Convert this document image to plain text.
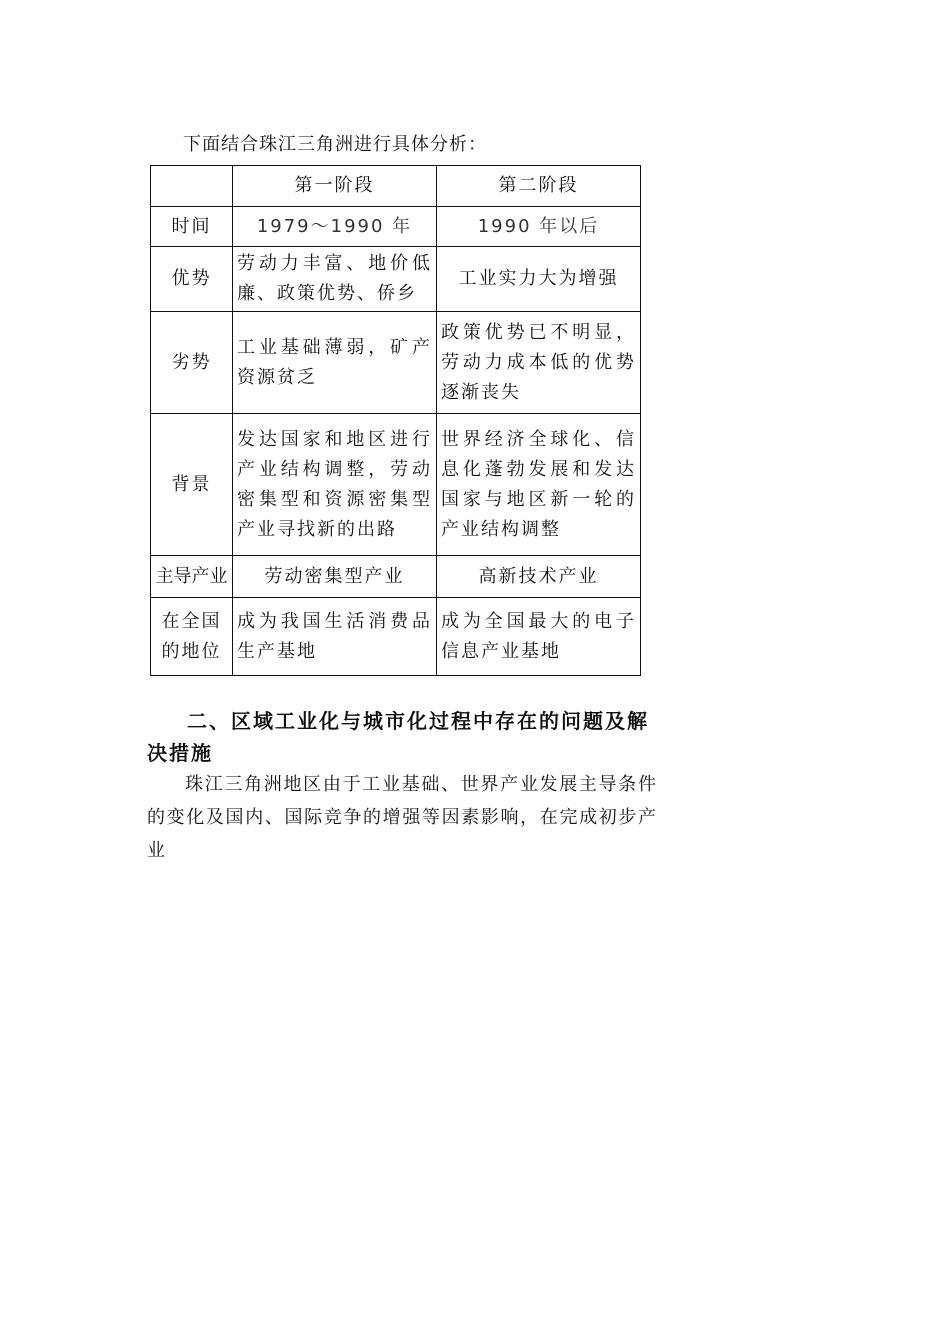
下面结合珠江三角洲进行具体分析：
	第一阶段	第二阶段
时间	1979～1990 年	1990 年以后
优势	劳动力丰富、地价低廉、政策优势、侨乡	工业实力大为增强
劣势	工业基础薄弱，矿产资源贫乏	政策优势已不明显，劳动力成本低的优势逐渐丧失
背景	发达国家和地区进行产业结构调整，劳动密集型和资源密集型产业寻找新的出路	世界经济全球化、信息化蓬勃发展和发达国家与地区新一轮的产业结构调整
主导产业	劳动密集型产业	高新技术产业
在全国的地位	成为我国生活消费品生产基地	成为全国最大的电子信息产业基地
二、区域工业化与城市化过程中存在的问题及解决措施
珠江三角洲地区由于工业基础、世界产业发展主导条件的变化及国内、国际竞争的增强等因素影响，在完成初步产业
